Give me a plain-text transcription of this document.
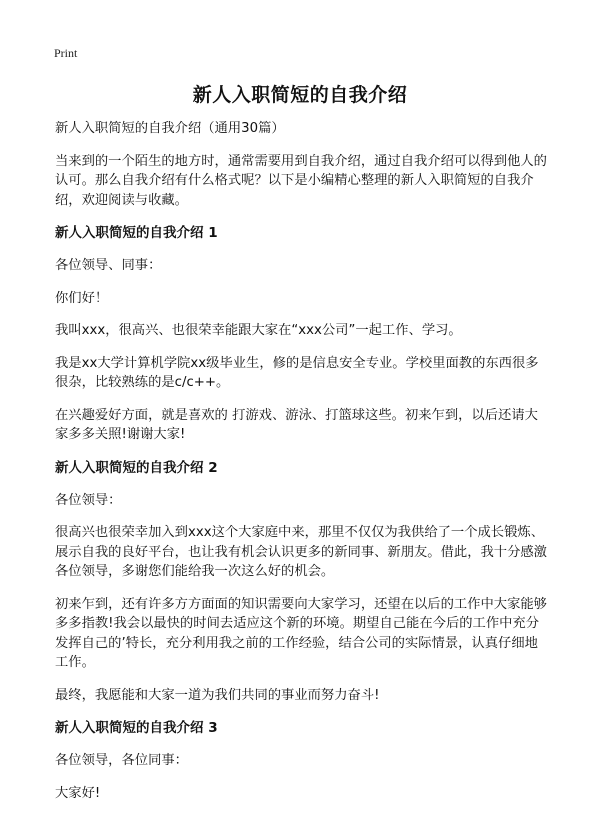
Print
新人入职简短的自我介绍

新人入职简短的自我介绍（通用30篇）

当来到的一个陌生的地方时，通常需要用到自我介绍，通过自我介绍可以得到他人的认可。那么自我介绍有什么格式呢？以下是小编精心整理的新人入职简短的自我介绍，欢迎阅读与收藏。

新人入职简短的自我介绍 1

各位领导、同事：

你们好！

我叫xxx，很高兴、也很荣幸能跟大家在“xxx公司”一起工作、学习。

我是xx大学计算机学院xx级毕业生，修的是信息安全专业。学校里面教的东西很多很杂，比较熟练的是c/c++。

在兴趣爱好方面，就是喜欢的 打游戏、游泳、打篮球这些。初来乍到，以后还请大家多多关照!谢谢大家!

新人入职简短的自我介绍 2

各位领导：

很高兴也很荣幸加入到xxx这个大家庭中来，那里不仅仅为我供给了一个成长锻炼、展示自我的良好平台，也让我有机会认识更多的新同事、新朋友。借此，我十分感激各位领导，多谢您们能给我一次这么好的机会。

初来乍到，还有许多方方面面的知识需要向大家学习，还望在以后的工作中大家能够多多指教!我会以最快的时间去适应这个新的环境。期望自己能在今后的工作中充分发挥自己的’特长，充分利用我之前的工作经验，结合公司的实际情景，认真仔细地工作。

最终，我愿能和大家一道为我们共同的事业而努力奋斗!

新人入职简短的自我介绍 3

各位领导，各位同事：

大家好!
